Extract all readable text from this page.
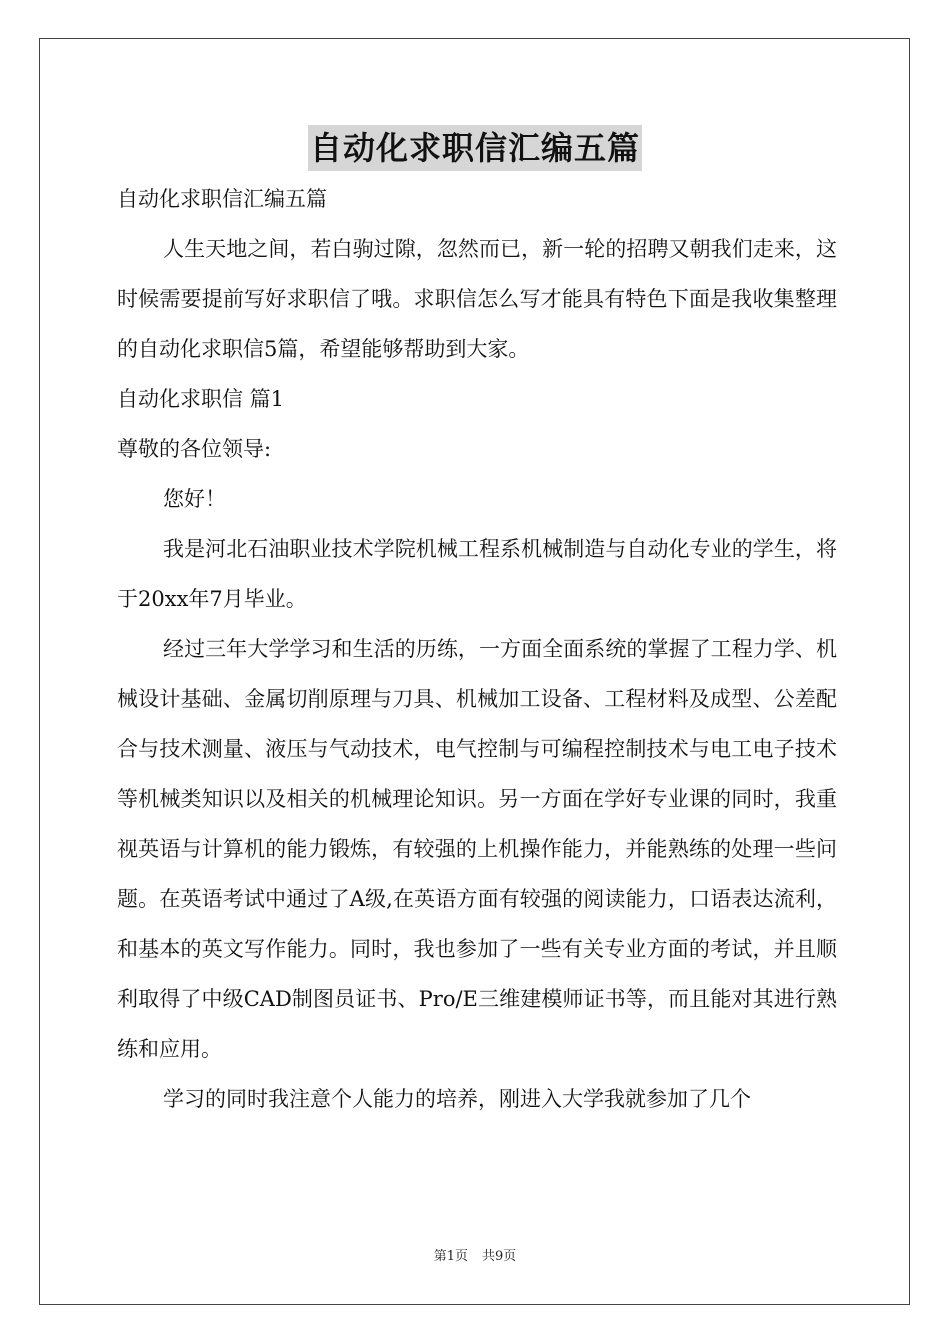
自动化求职信汇编五篇

自动化求职信汇编五篇

人生天地之间，若白驹过隙，忽然而已，新一轮的招聘又朝我们走来，这时候需要提前写好求职信了哦。求职信怎么写才能具有特色下面是我收集整理的自动化求职信5篇，希望能够帮助到大家。

自动化求职信 篇1

尊敬的各位领导:

您好！

我是河北石油职业技术学院机械工程系机械制造与自动化专业的学生，将于20xx年7月毕业。

经过三年大学学习和生活的历练，一方面全面系统的掌握了工程力学、机械设计基础、金属切削原理与刀具、机械加工设备、工程材料及成型、公差配合与技术测量、液压与气动技术，电气控制与可编程控制技术与电工电子技术等机械类知识以及相关的机械理论知识。另一方面在学好专业课的同时，我重视英语与计算机的能力锻炼，有较强的上机操作能力，并能熟练的处理一些问题。在英语考试中通过了A级,在英语方面有较强的阅读能力，口语表达流利，和基本的英文写作能力。同时，我也参加了一些有关专业方面的考试，并且顺利取得了中级CAD制图员证书、Pro/E三维建模师证书等，而且能对其进行熟练和应用。

学习的同时我注意个人能力的培养，刚进入大学我就参加了几个

第1页 共9页
